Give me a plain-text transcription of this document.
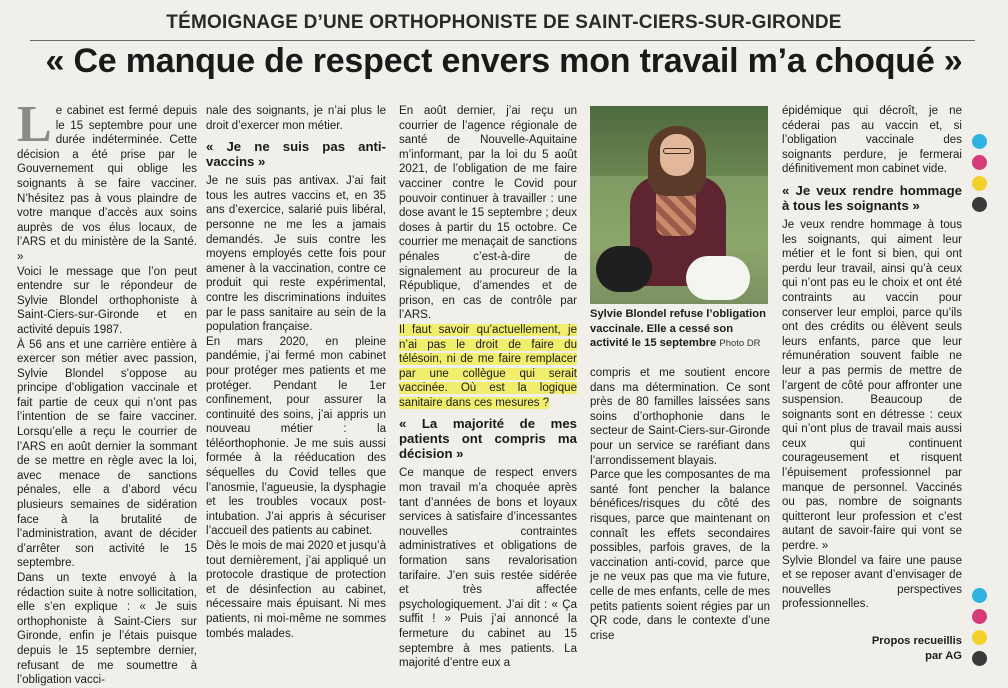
TÉMOIGNAGE D’UNE ORTHOPHONISTE DE SAINT-CIERS-SUR-GIRONDE
« Ce manque de respect envers mon travail m’a choqué »
L e cabinet est fermé depuis le 15 septembre pour une durée indéterminée. Cette décision a été prise par le Gouvernement qui oblige les soignants à se faire vacciner. N’hésitez pas à vous plaindre de votre manque d’accès aux soins auprès de vos élus locaux, de l’ARS et du ministère de la Santé. »

Voici le message que l’on peut entendre sur le répondeur de Sylvie Blondel orthophoniste à Saint-Ciers-sur-Gironde et en activité depuis 1987.

À 56 ans et une carrière entière à exercer son métier avec passion, Sylvie Blondel s’oppose au principe d’obligation vaccinale et fait partie de ceux qui n’ont pas l’intention de se faire vacciner. Lorsqu’elle a reçu le courrier de l’ARS en août dernier la sommant de se mettre en règle avec la loi, avec menace de sanctions pénales, elle a d’abord vécu plusieurs semaines de sidération face à la brutalité de l’administration, avant de décider d’arrêter son activité le 15 septembre.

Dans un texte envoyé à la rédaction suite à notre sollicitation, elle s’en explique : « Je suis orthophoniste à Saint-Ciers sur Gironde, enfin je l’étais puisque depuis le 15 septembre dernier, refusant de me soumettre à l’obligation vacci-

nale des soignants, je n’ai plus le droit d’exercer mon métier.

« Je ne suis pas anti-vaccins »

Je ne suis pas antivax. J’ai fait tous les autres vaccins et, en 35 ans d’exercice, salarié puis libéral, personne ne me les a jamais demandés. Je suis contre les moyens employés cette fois pour amener à la vaccination, contre ce produit qui reste expérimental, contre les discriminations induites par le pass sanitaire au sein de la population française.

En mars 2020, en pleine pandémie, j’ai fermé mon cabinet pour protéger mes patients et me protéger. Pendant le 1er confinement, pour assurer la continuité des soins, j’ai appris un nouveau métier : la téléorthophonie. Je me suis aussi formée à la rééducation des séquelles du Covid telles que l’anosmie, l’agueusie, la dysphagie et les troubles vocaux post-intubation. J’ai appris à sécuriser l’accueil des patients au cabinet.

Dès le mois de mai 2020 et jusqu’à tout dernièrement, j’ai appliqué un protocole drastique de protection et de désinfection au cabinet, nécessaire mais épuisant. Ni mes patients, ni moi-même ne sommes tombés malades.

En août dernier, j’ai reçu un courrier de l’agence régionale de santé de Nouvelle-Aquitaine m’informant, par la loi du 5 août 2021, de l’obligation de me faire vacciner contre le Covid pour pouvoir continuer à travailler : une dose avant le 15 septembre ; deux doses à partir du 15 octobre. Ce courrier me menaçait de sanctions pénales c’est-à-dire de signalement au procureur de la République, d’amendes et de prison, en cas de contrôle par l’ARS.

Il faut savoir qu’actuellement, je n’ai pas le droit de faire du télésoin, ni de me faire remplacer par une collègue qui serait vaccinée. Où est la logique sanitaire dans ces mesures ?

« La majorité de mes patients ont compris ma décision »

Ce manque de respect envers mon travail m’a choquée après tant d’années de bons et loyaux services à satisfaire d’incessantes nouvelles contraintes administratives et obligations de formation sans revalorisation tarifaire. J’en suis restée sidérée et très affectée psychologiquement. J’ai dit : « Ça suffit ! » Puis j’ai annoncé la fermeture du cabinet au 15 septembre à mes patients. La majorité d’entre eux a

Sylvie Blondel refuse l’obligation vaccinale. Elle a cessé son activité le 15 septembre Photo DR

compris et me soutient encore dans ma détermination. Ce sont près de 80 familles laissées sans soins d’orthophonie dans le secteur de Saint-Ciers-sur-Gironde pour un service se raréfiant dans l’arrondissement blayais.

Parce que les composantes de ma santé font pencher la balance bénéfices/risques du côté des risques, parce que maintenant on connaît les effets secondaires possibles, parfois graves, de la vaccination anti-covid, parce que je ne veux pas que ma vie future, celle de mes enfants, celle de mes petits patients soient régies par un QR code, dans le contexte d’une crise

épidémique qui décroît, je ne céderai pas au vaccin et, si l’obligation vaccinale des soignants perdure, je fermerai définitivement mon cabinet vide.

« Je veux rendre hommage à tous les soignants »

Je veux rendre hommage à tous les soignants, qui aiment leur métier et le font si bien, qui ont perdu leur travail, ainsi qu’à ceux qui n’ont pas eu le choix et ont été contraints au vaccin pour conserver leur emploi, parce qu’ils ont des crédits ou élèvent seuls leurs enfants, parce que leur rémunération souvent faible ne leur a pas permis de mettre de l’argent de côté pour affronter une suspension. Beaucoup de soignants sont en détresse : ceux qui n’ont plus de travail mais aussi ceux qui continuent courageusement et risquent l’épuisement professionnel par manque de personnel. Vaccinés ou pas, nombre de soignants quitteront leur profession et c’est autant de savoir-faire qui vont se perdre. »

Sylvie Blondel va faire une pause et se reposer avant d’envisager de nouvelles perspectives professionnelles.

Propos recueillis
par AG
